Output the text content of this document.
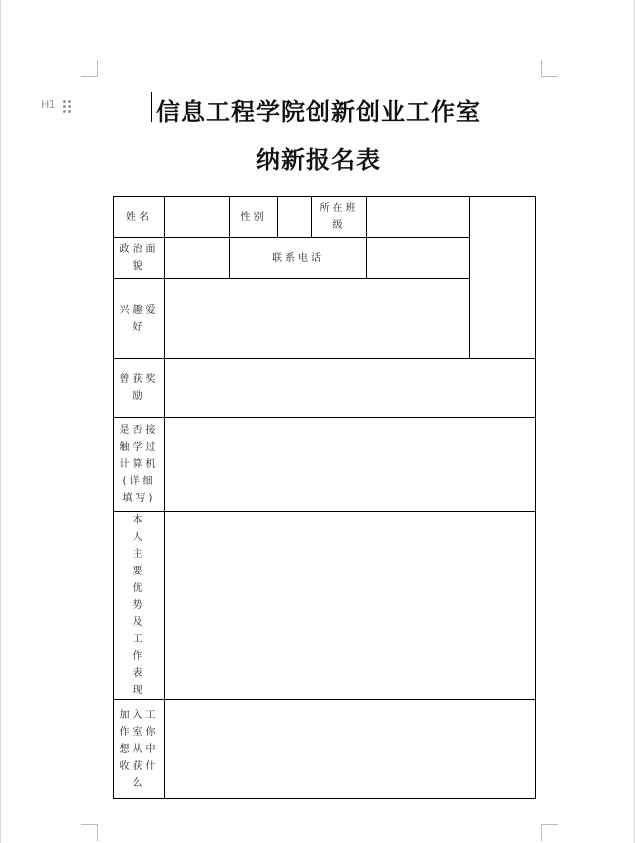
H1	信息工程学院创新创业工作室
纳新报名表
姓名		性别		所在班级		
政治面貌		联系电话				
兴趣爱好						
曾获奖励						
是否接触学过计算机(详细填写)						
本人主要优势及工作表现						
加入工作室你想从中收获什么						
